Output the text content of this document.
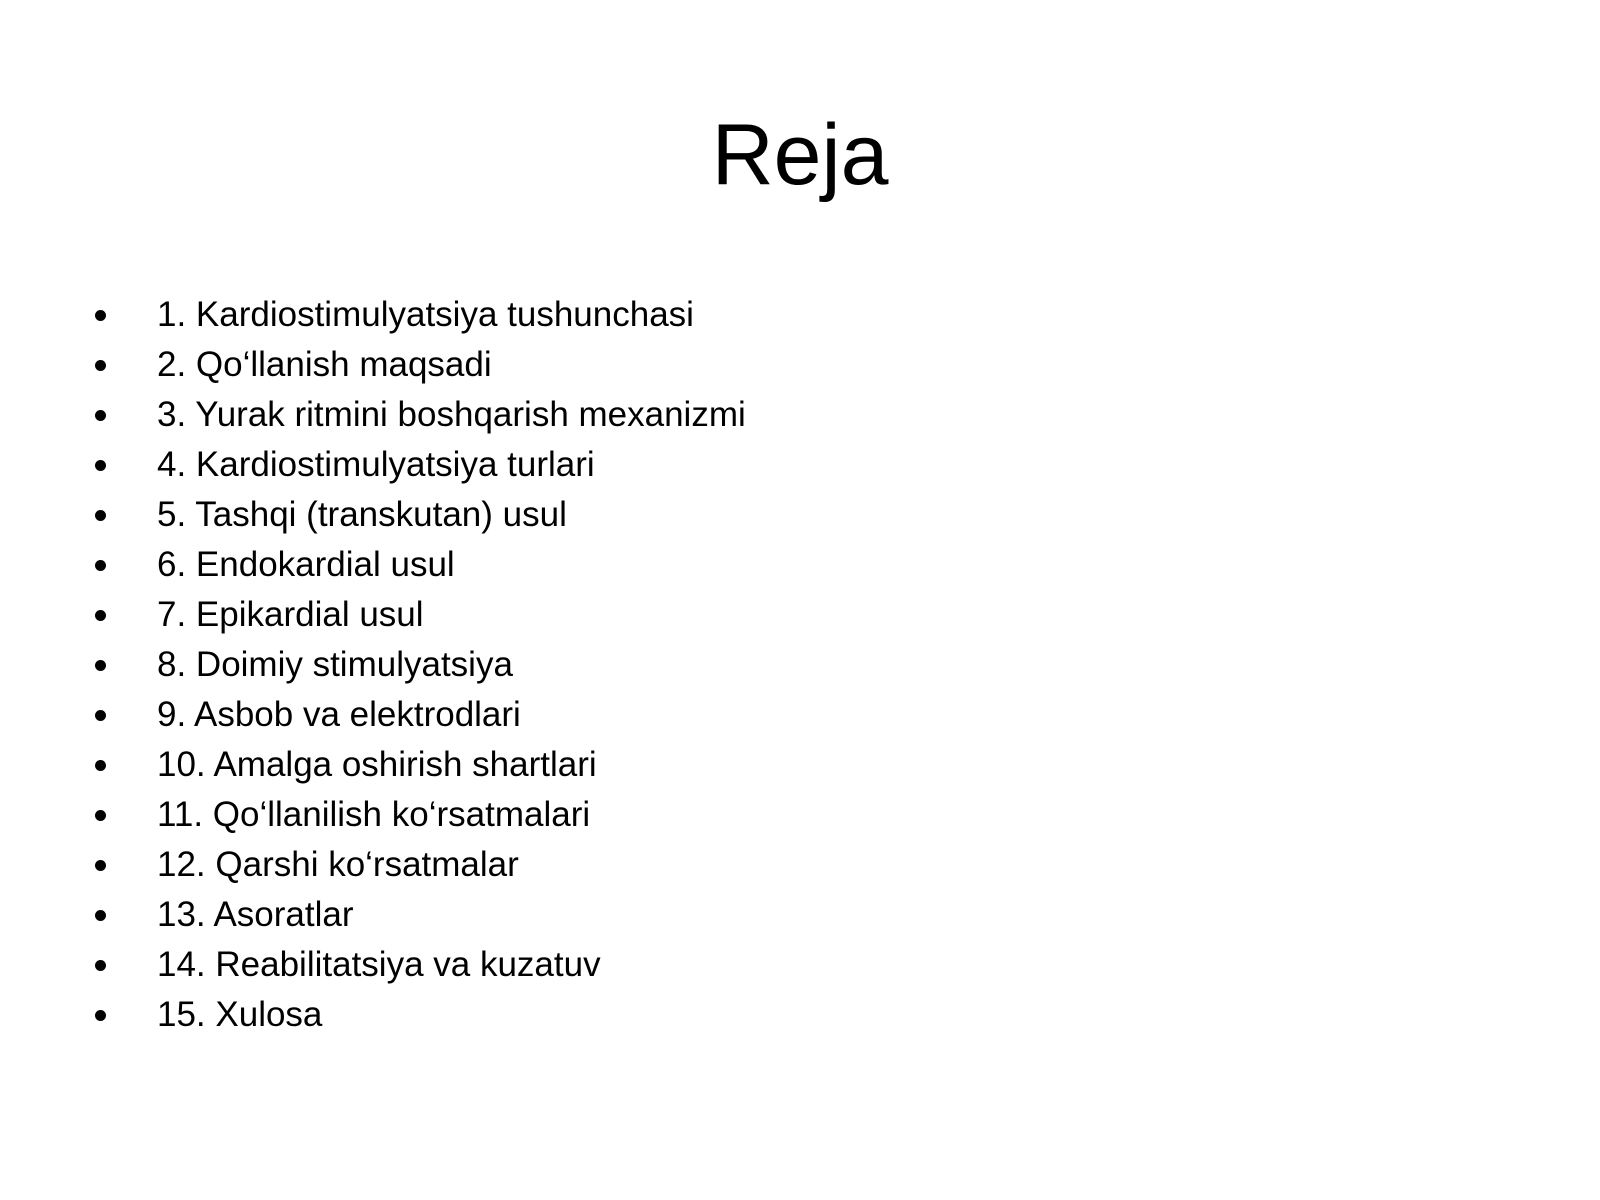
Reja
1. Kardiostimulyatsiya tushunchasi
2. Qo‘llanish maqsadi
3. Yurak ritmini boshqarish mexanizmi
4. Kardiostimulyatsiya turlari
5. Tashqi (transkutan) usul
6. Endokardial usul
7. Epikardial usul
8. Doimiy stimulyatsiya
9. Asbob va elektrodlari
10. Amalga oshirish shartlari
11. Qo‘llanilish ko‘rsatmalari
12. Qarshi ko‘rsatmalar
13. Asoratlar
14. Reabilitatsiya va kuzatuv
15. Xulosa
